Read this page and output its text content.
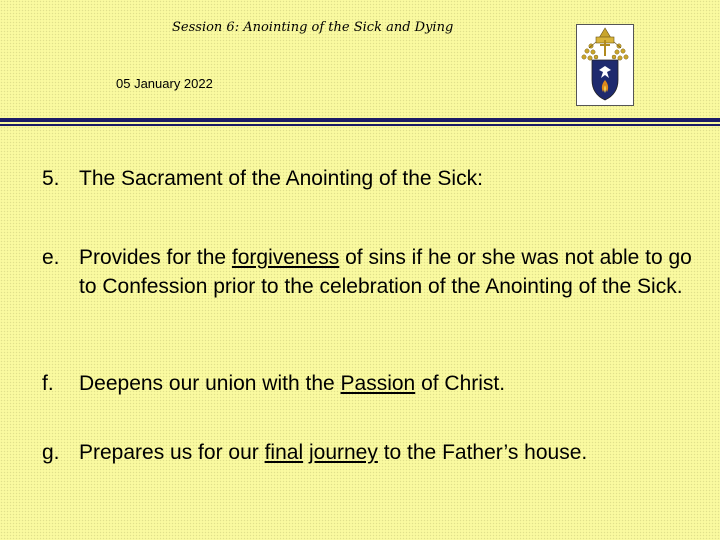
Session 6: Anointing of the Sick and Dying
05 January 2022
5. The Sacrament of the Anointing of the Sick:
e. Provides for the forgiveness of sins if he or she was not able to go to Confession prior to the celebration of the Anointing of the Sick.
f.	Deepens our union with the Passion of Christ.
g. Prepares us for our final journey to the Father’s house.
